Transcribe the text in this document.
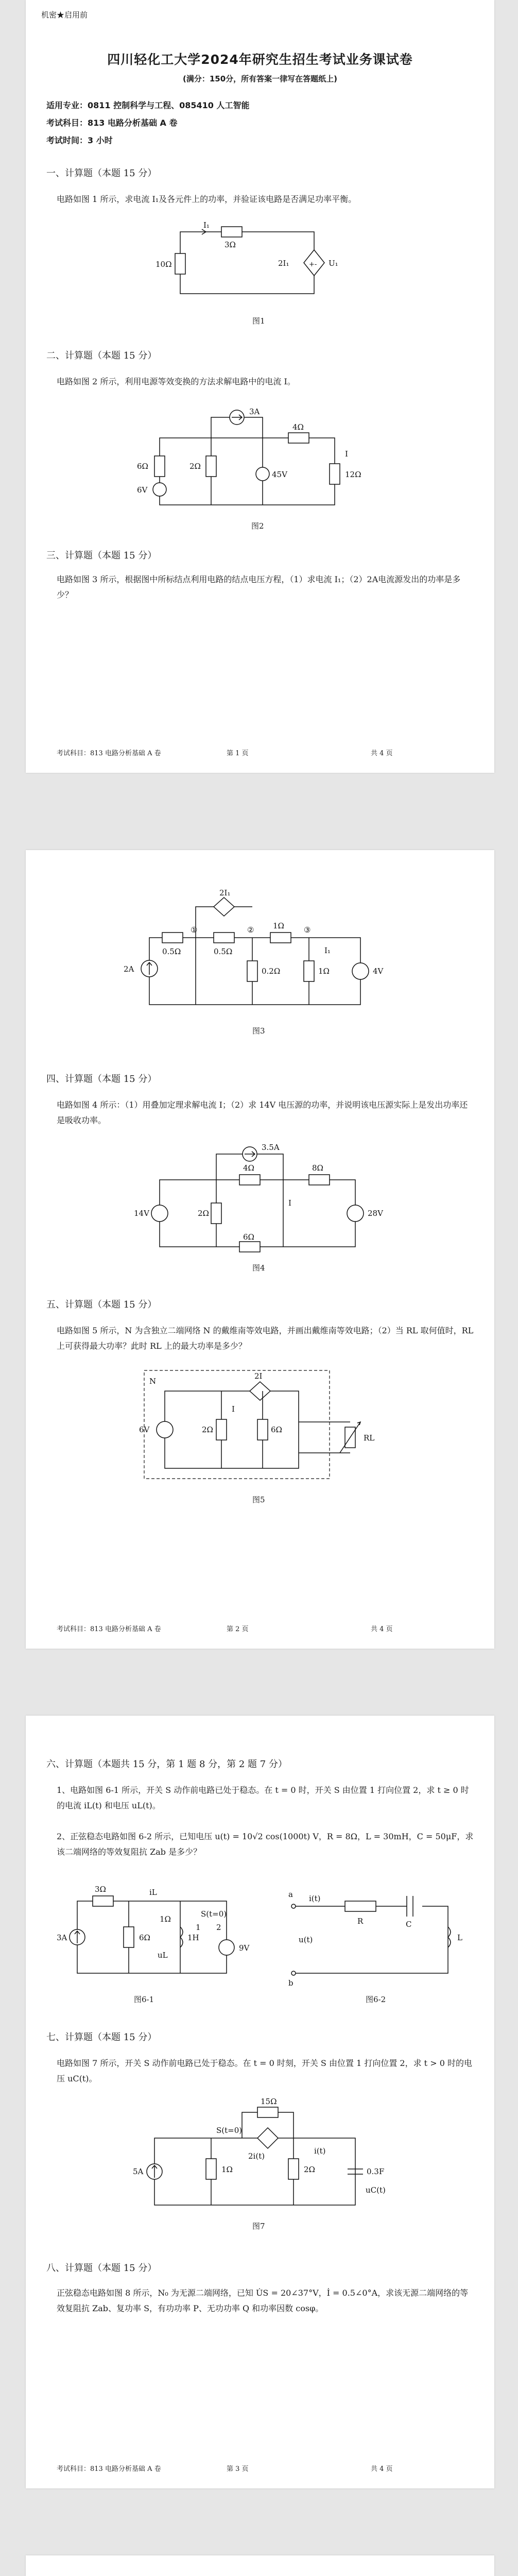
机密★启用前
四川轻化工大学2024年研究生招生考试业务课试卷
(满分：150分，所有答案一律写在答题纸上)
适用专业：0811 控制科学与工程、085410 人工智能
考试科目：813 电路分析基础 A 卷
考试时间：3 小时
一、计算题（本题 15 分）
电路如图 1 所示，求电流 I₁及各元件上的功率，并验证该电路是否满足功率平衡。
+-
I₁
10Ω
3Ω
2I₁	U₁
图1
二、计算题（本题 15 分）
电路如图 2 所示，利用电源等效变换的方法求解电路中的电流 I。
3A
6Ω
6V
2Ω
45V
4Ω
12Ω
I
图2
三、计算题（本题 15 分）
电路如图 3 所示，根据图中所标结点利用电路的结点电压方程，（1）求电流 I₁；（2）2A电流源发出的功率是多少？
考试科目：813 电路分析基础 A 卷	第 1 页	共 4 页
2I₁
2A
0.5Ω	0.5Ω
0.2Ω
1Ω
1Ω	4V
①	②	③
I₁
图3
四、计算题（本题 15 分）
电路如图 4 所示：（1）用叠加定理求解电流 I；（2）求 14V 电压源的功率，并说明该电压源实际上是发出功率还是吸收功率。
3.5A
4Ω
2Ω
6Ω
8Ω
14V	28V
I
图4
五、计算题（本题 15 分）
电路如图 5 所示，N 为含独立二端网络 N 的戴维南等效电路，并画出戴维南等效电路；（2）当 RL 取何值时，RL 上可获得最大功率？此时 RL 上的最大功率是多少？
N
6V	2Ω	6Ω
2I
I
RL
图5
考试科目：813 电路分析基础 A 卷	第 2 页	共 4 页
六、计算题（本题共 15 分，第 1 题 8 分，第 2 题 7 分）
1、电路如图 6-1 所示，开关 S 动作前电路已处于稳态。在 t = 0 时，开关 S 由位置 1 打向位置 2，求 t ≥ 0 时的电流 iL(t) 和电压 uL(t)。
2、正弦稳态电路如图 6-2 所示，已知电压 u(t) = 10√2 cos(1000t) V，R = 8Ω，L = 30mH，C = 50μF，求该二端网络的等效复阻抗 Zab 是多少？
iL
3Ω
6Ω
1Ω
1H
uL
S(t=0)
1 2
9V
3A
图6-1
a
b
i(t)
R	C
L
u(t)
图6-2
七、计算题（本题 15 分）
电路如图 7 所示，开关 S 动作前电路已处于稳态。在 t = 0 时刻，开关 S 由位置 1 打向位置 2，求 t > 0 时的电压 uC(t)。
5A	1Ω
15Ω
2Ω	0.3F
S(t=0)
i(t)
uC(t)
2i(t)
图7
八、计算题（本题 15 分）
正弦稳态电路如图 8 所示，N₀ 为无源二端网络，已知 U̇S = 20∠37°V，İ = 0.5∠0°A，求该无源二端网络的等效复阻抗 Zab、复功率 S，有功功率 P、无功功率 Q 和功率因数 cosφ。
考试科目：813 电路分析基础 A 卷	第 3 页	共 4 页
